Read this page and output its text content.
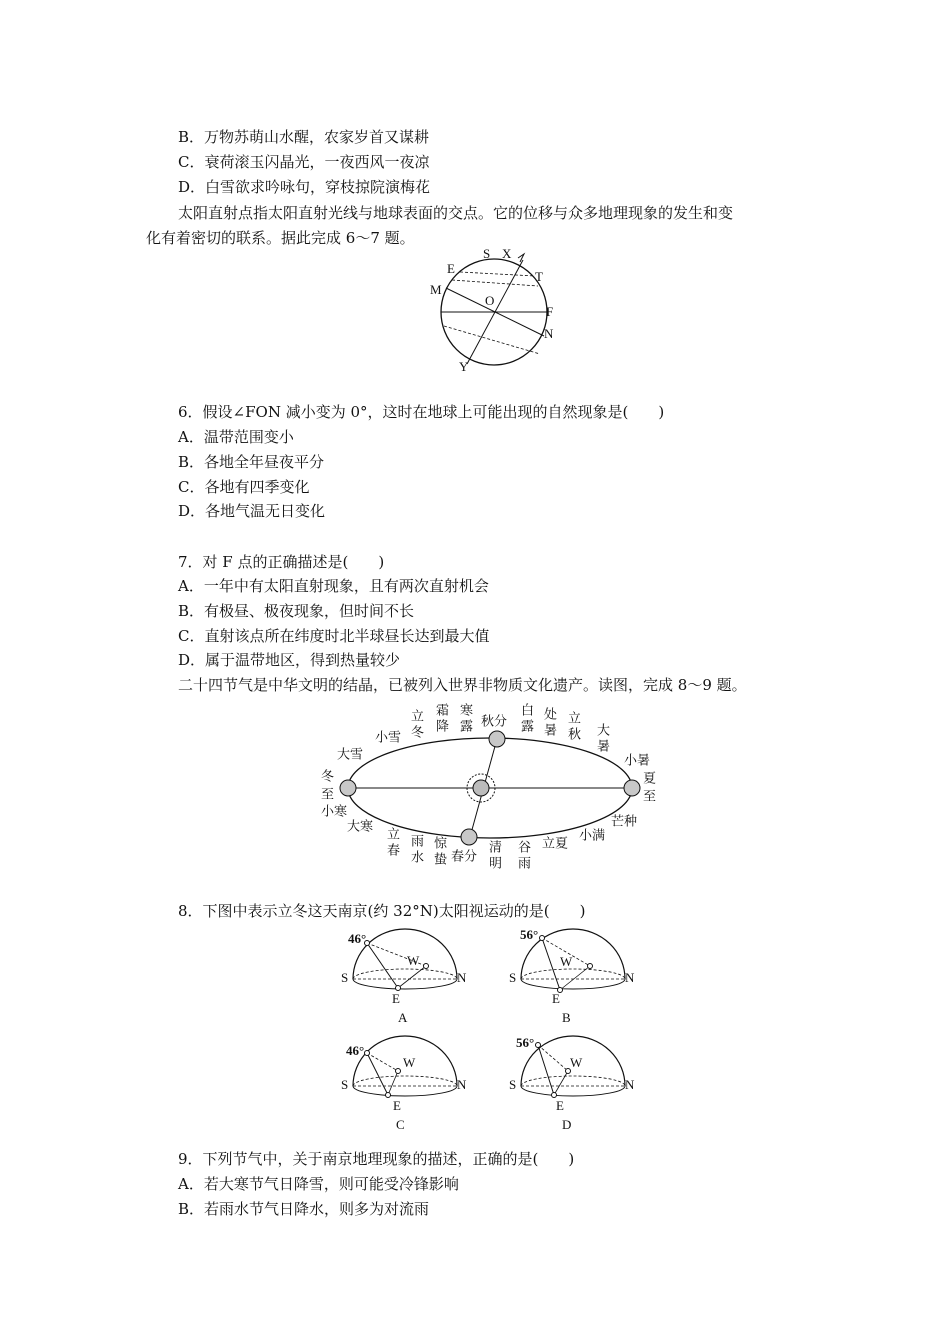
B．万物苏萌山水醒，农家岁首又谋耕
C．衰荷滚玉闪晶光，一夜西风一夜凉
D．白雪欲求吟咏句，穿枝掠院演梅花
太阳直射点指太阳直射光线与地球表面的交点。它的位移与众多地理现象的发生和变
化有着密切的联系。据此完成 6～7 题。
S X
E
T
M
O
F
N
Y
6．假设∠FON 减小变为 0°，这时在地球上可能出现的自然现象是(　　)
A．温带范围变小
B．各地全年昼夜平分
C．各地有四季变化
D．各地气温无日变化
7．对 F 点的正确描述是(　　)
A．一年中有太阳直射现象，且有两次直射机会
B．有极昼、极夜现象，但时间不长
C．直射该点所在纬度时北半球昼长达到最大值
D．属于温带地区，得到热量较少
二十四节气是中华文明的结晶，已被列入世界非物质文化遗产。读图，完成 8～9 题。
立
冬
霜
降
寒
露 秋分
白
露
处
暑
立
秋 大
暑
小雪
大雪
冬
至
小寒
大寒
小暑
夏
至
芒种
小满
立夏
谷
雨
清
明
春分
惊
蛰
雨
水
立
春
8．下图中表示立冬这天南京(约 32°N)太阳视运动的是(　　)
46°
S	N
E
W
A
56°
S	N
E
W
B
46°
S	N
E
W
C
56°
S	N
E
W
D
9．下列节气中，关于南京地理现象的描述，正确的是(　　)
A．若大寒节气日降雪，则可能受冷锋影响
B．若雨水节气日降水，则多为对流雨
